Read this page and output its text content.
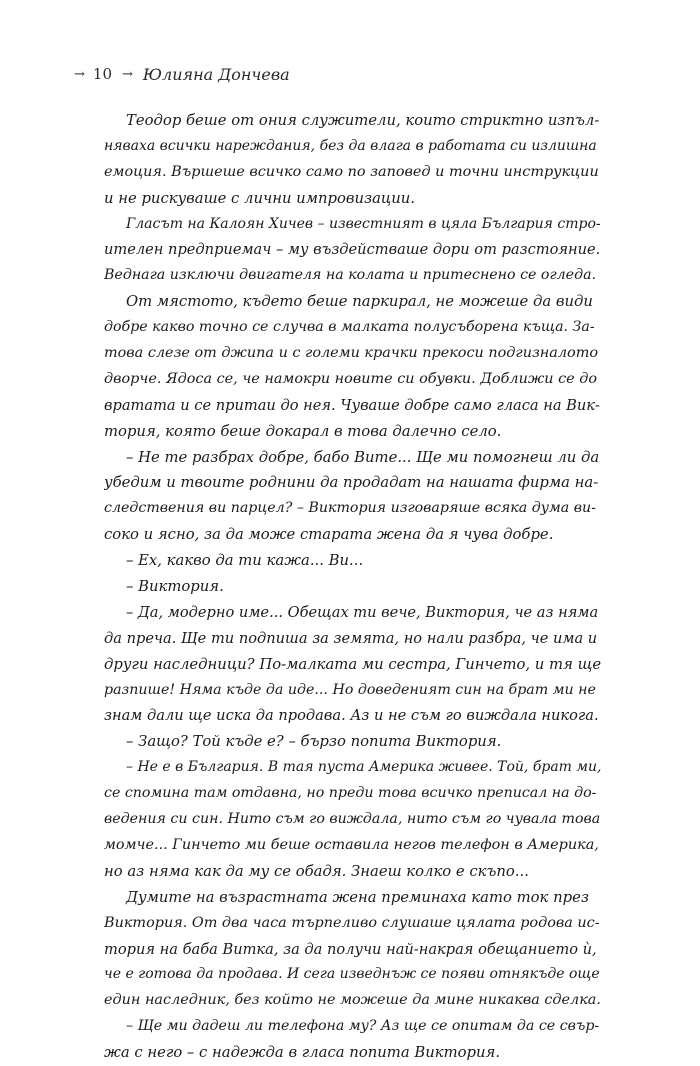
→ 10 → Юлияна Дончева
Теодор беше от ония служители, които стриктно изпъл-
няваха всички нареждания, без да влага в работата си излишна
емоция. Вършеше всичко само по заповед и точни инструкции
и не рискуваше с лични импровизации.
Гласът на Калоян Хичев – известният в цяла България стро-
ителен предприемач – му въздействаше дори от разстояние.
Веднага изключи двигателя на колата и притеснено се огледа.
От мястото, където беше паркирал, не можеше да види
добре какво точно се случва в малката полусъборена къща. За-
това слезе от джипа и с големи крачки прекоси подгизналото
дворче. Ядоса се, че намокри новите си обувки. Доближи се до
вратата и се притаи до нея. Чуваше добре само гласа на Вик-
тория, която беше докарал в това далечно село.
– Не те разбрах добре, бабо Вите... Ще ми помогнеш ли да
убедим и твоите роднини да продадат на нашата фирма на-
следствения ви парцел? – Виктория изговаряше всяка дума ви-
соко и ясно, за да може старата жена да я чува добре.
– Ех, какво да ти кажа... Ви...
– Виктория.
– Да, модерно име... Обещах ти вече, Виктория, че аз няма
да преча. Ще ти подпиша за земята, но нали разбра, че има и
други наследници? По-малката ми сестра, Гинчето, и тя ще
разпише! Няма къде да иде... Но доведеният син на брат ми не
знам дали ще иска да продава. Аз и не съм го виждала никога.
– Защо? Той къде е? – бързо попита Виктория.
– Не е в България. В тая пуста Америка живее. Той, брат ми,
се спомина там отдавна, но преди това всичко преписал на до-
ведения си син. Нито съм го виждала, нито съм го чувала това
момче... Гинчето ми беше оставила негов телефон в Америка,
но аз няма как да му се обадя. Знаеш колко е скъпо...
Думите на възрастната жена преминаха като ток през
Виктория. От два часа търпеливо слушаше цялата родова ис-
тория на баба Витка, за да получи най-накрая обещанието ѝ,
че е готова да продава. И сега изведнъж се появи отнякъде още
един наследник, без който не можеше да мине никаква сделка.
– Ще ми дадеш ли телефона му? Аз ще се опитам да се свър-
жа с него – с надежда в гласа попита Виктория.
